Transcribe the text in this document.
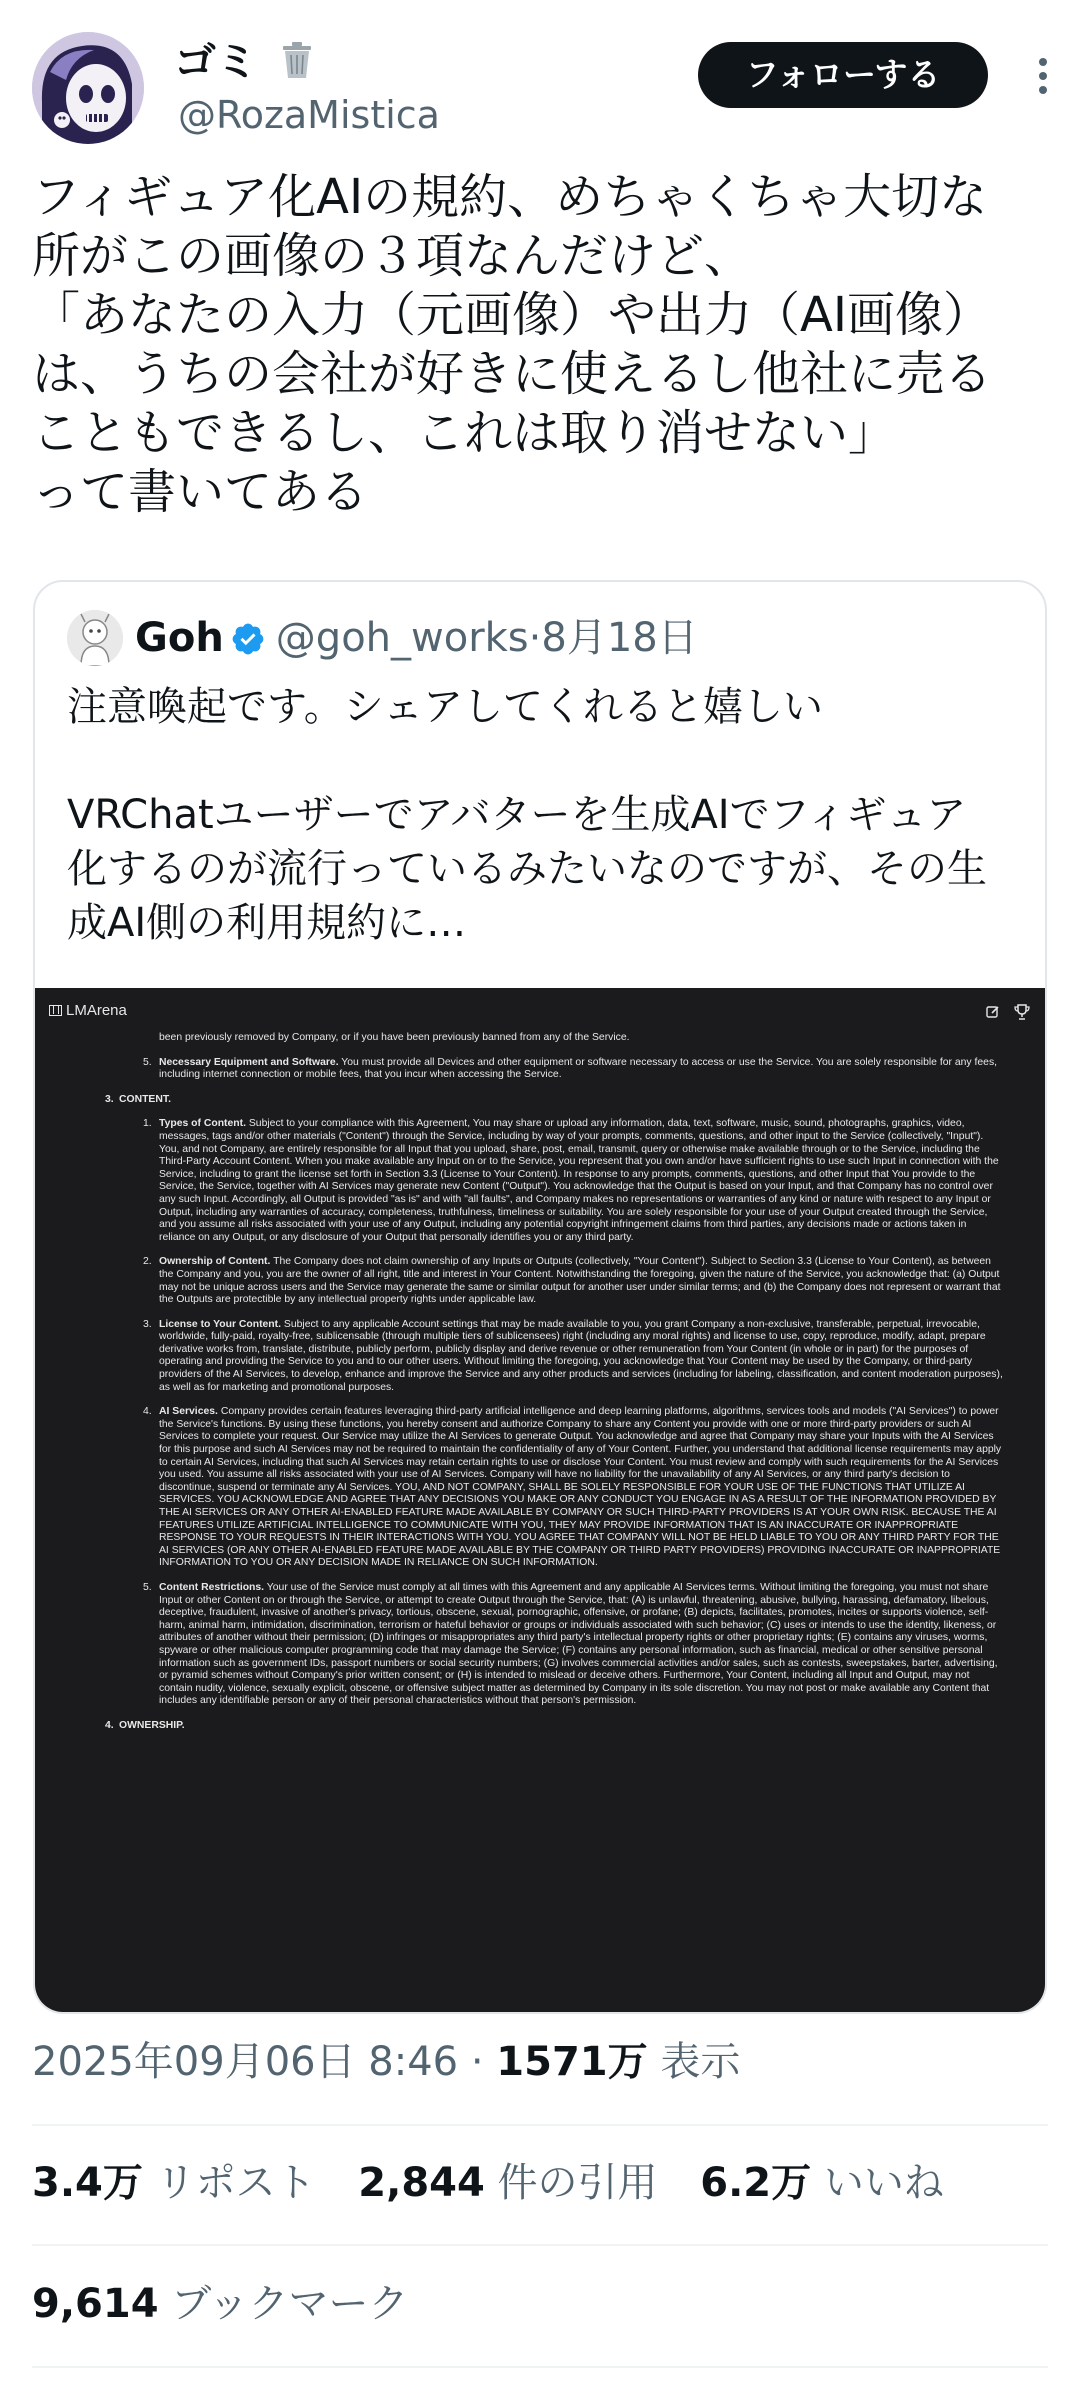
ゴミ
@RozaMistica
フォローする

フィギュア化AIの規約、めちゃくちゃ大切な
所がこの画像の３項なんだけど、
「あなたの入力（元画像）や出力（AI画像）
は、うちの会社が好きに使えるし他社に売る
こともできるし、これは取り消せない」
って書いてある

Goh @goh_works·8月18日

注意喚起です。シェアしてくれると嬉しい

VRChatユーザーでアバターを生成AIでフィギュア
化するのが流行っているみたいなのですが、その生
成AI側の利用規約に…

LMArena

been previously removed by Company, or if you have been previously banned from any of the Service.

5. Necessary Equipment and Software. You must provide all Devices and other equipment or software necessary to access or use the Service. You are solely responsible for any fees, including internet connection or mobile fees, that you incur when accessing the Service.

3. CONTENT.
1. Types of Content. Subject to your compliance with this Agreement, You may share or upload any information, data, text, software, music, sound, photographs, graphics, video, messages, tags and/or other materials ("Content") through the Service, including by way of your prompts, comments, questions, and other input to the Service (collectively, "Input"). You, and not Company, are entirely responsible for all Input that you upload, share, post, email, transmit, query or otherwise make available through or to the Service, including the Third-Party Account Content. When you make available any Input on or to the Service, you represent that you own and/or have sufficient rights to use such Input in connection with the Service, including to grant the license set forth in Section 3.3 (License to Your Content). In response to any prompts, comments, questions, and other Input that You provide to the Service, the Service, together with AI Services may generate new Content ("Output"). You acknowledge that the Output is based on your Input, and that Company has no control over any such Input. Accordingly, all Output is provided "as is" and with "all faults", and Company makes no representations or warranties of any kind or nature with respect to any Input or Output, including any warranties of accuracy, completeness, truthfulness, timeliness or suitability. You are solely responsible for your use of your Output created through the Service, and you assume all risks associated with your use of any Output, including any potential copyright infringement claims from third parties, any decisions made or actions taken in reliance on any Output, or any disclosure of your Output that personally identifies you or any third party.

2. Ownership of Content. The Company does not claim ownership of any Inputs or Outputs (collectively, "Your Content"). Subject to Section 3.3 (License to Your Content), as between the Company and you, you are the owner of all right, title and interest in Your Content. Notwithstanding the foregoing, given the nature of the Service, you acknowledge that: (a) Output may not be unique across users and the Service may generate the same or similar output for another user under similar terms; and (b) the Company does not represent or warrant that the Outputs are protectible by any intellectual property rights under applicable law.

3. License to Your Content. Subject to any applicable Account settings that may be made available to you, you grant Company a non-exclusive, transferable, perpetual, irrevocable, worldwide, fully-paid, royalty-free, sublicensable (through multiple tiers of sublicensees) right (including any moral rights) and license to use, copy, reproduce, modify, adapt, prepare derivative works from, translate, distribute, publicly perform, publicly display and derive revenue or other remuneration from Your Content (in whole or in part) for the purposes of operating and providing the Service to you and to our other users. Without limiting the foregoing, you acknowledge that Your Content may be used by the Company, or third-party providers of the AI Services, to develop, enhance and improve the Service and any other products and services (including for labeling, classification, and content moderation purposes), as well as for marketing and promotional purposes.

4. AI Services. Company provides certain features leveraging third-party artificial intelligence and deep learning platforms, algorithms, services tools and models ("AI Services") to power the Service's functions. By using these functions, you hereby consent and authorize Company to share any Content you provide with one or more third-party providers or such AI Services to complete your request. Our Service may utilize the AI Services to generate Output. You acknowledge and agree that Company may share your Inputs with the AI Services for this purpose and such AI Services may not be required to maintain the confidentiality of any of Your Content. Further, you understand that additional license requirements may apply to certain AI Services, including that such AI Services may retain certain rights to use or disclose Your Content. You must review and comply with such requirements for the AI Services you used. You assume all risks associated with your use of AI Services. Company will have no liability for the unavailability of any AI Services, or any third party's decision to discontinue, suspend or terminate any AI Services. YOU, AND NOT COMPANY, SHALL BE SOLELY RESPONSIBLE FOR YOUR USE OF THE FUNCTIONS THAT UTILIZE AI SERVICES. YOU ACKNOWLEDGE AND AGREE THAT ANY DECISIONS YOU MAKE OR ANY CONDUCT YOU ENGAGE IN AS A RESULT OF THE INFORMATION PROVIDED BY THE AI SERVICES OR ANY OTHER AI-ENABLED FEATURE MADE AVAILABLE BY COMPANY OR SUCH THIRD-PARTY PROVIDERS IS AT YOUR OWN RISK. BECAUSE THE AI FEATURES UTILIZE ARTIFICIAL INTELLIGENCE TO COMMUNICATE WITH YOU, THEY MAY PROVIDE INFORMATION THAT IS AN INACCURATE OR INAPPROPRIATE RESPONSE TO YOUR REQUESTS IN THEIR INTERACTIONS WITH YOU. YOU AGREE THAT COMPANY WILL NOT BE HELD LIABLE TO YOU OR ANY THIRD PARTY FOR THE AI SERVICES (OR ANY OTHER AI-ENABLED FEATURE MADE AVAILABLE BY THE COMPANY OR THIRD PARTY PROVIDERS) PROVIDING INACCURATE OR INAPPROPRIATE INFORMATION TO YOU OR ANY DECISION MADE IN RELIANCE ON SUCH INFORMATION.

5. Content Restrictions. Your use of the Service must comply at all times with this Agreement and any applicable AI Services terms. Without limiting the foregoing, you must not share Input or other Content on or through the Service, or attempt to create Output through the Service, that: (A) is unlawful, threatening, abusive, bullying, harassing, defamatory, libelous, deceptive, fraudulent, invasive of another's privacy, tortious, obscene, sexual, pornographic, offensive, or profane; (B) depicts, facilitates, promotes, incites or supports violence, self-harm, animal harm, intimidation, discrimination, terrorism or hateful behavior or groups or individuals associated with such behavior; (C) uses or intends to use the identity, likeness, or attributes of another without their permission; (D) infringes or misappropriates any third party's intellectual property rights or other proprietary rights; (E) contains any viruses, worms, spyware or other malicious computer programming code that may damage the Service; (F) contains any personal information, such as financial, medical or other sensitive personal information such as government IDs, passport numbers or social security numbers; (G) involves commercial activities and/or sales, such as contests, sweepstakes, barter, advertising, or pyramid schemes without Company's prior written consent; or (H) is intended to mislead or deceive others. Furthermore, Your Content, including all Input and Output, may not contain nudity, violence, sexually explicit, obscene, or offensive subject matter as determined by Company in its sole discretion. You may not post or make available any Content that includes any identifiable person or any of their personal characteristics without that person's permission.

4. OWNERSHIP.
2025年09月06日 8:46 · 1571万 表示
3.4万 リポスト 2,844 件の引用 6.2万 いいね
9,614 ブックマーク
